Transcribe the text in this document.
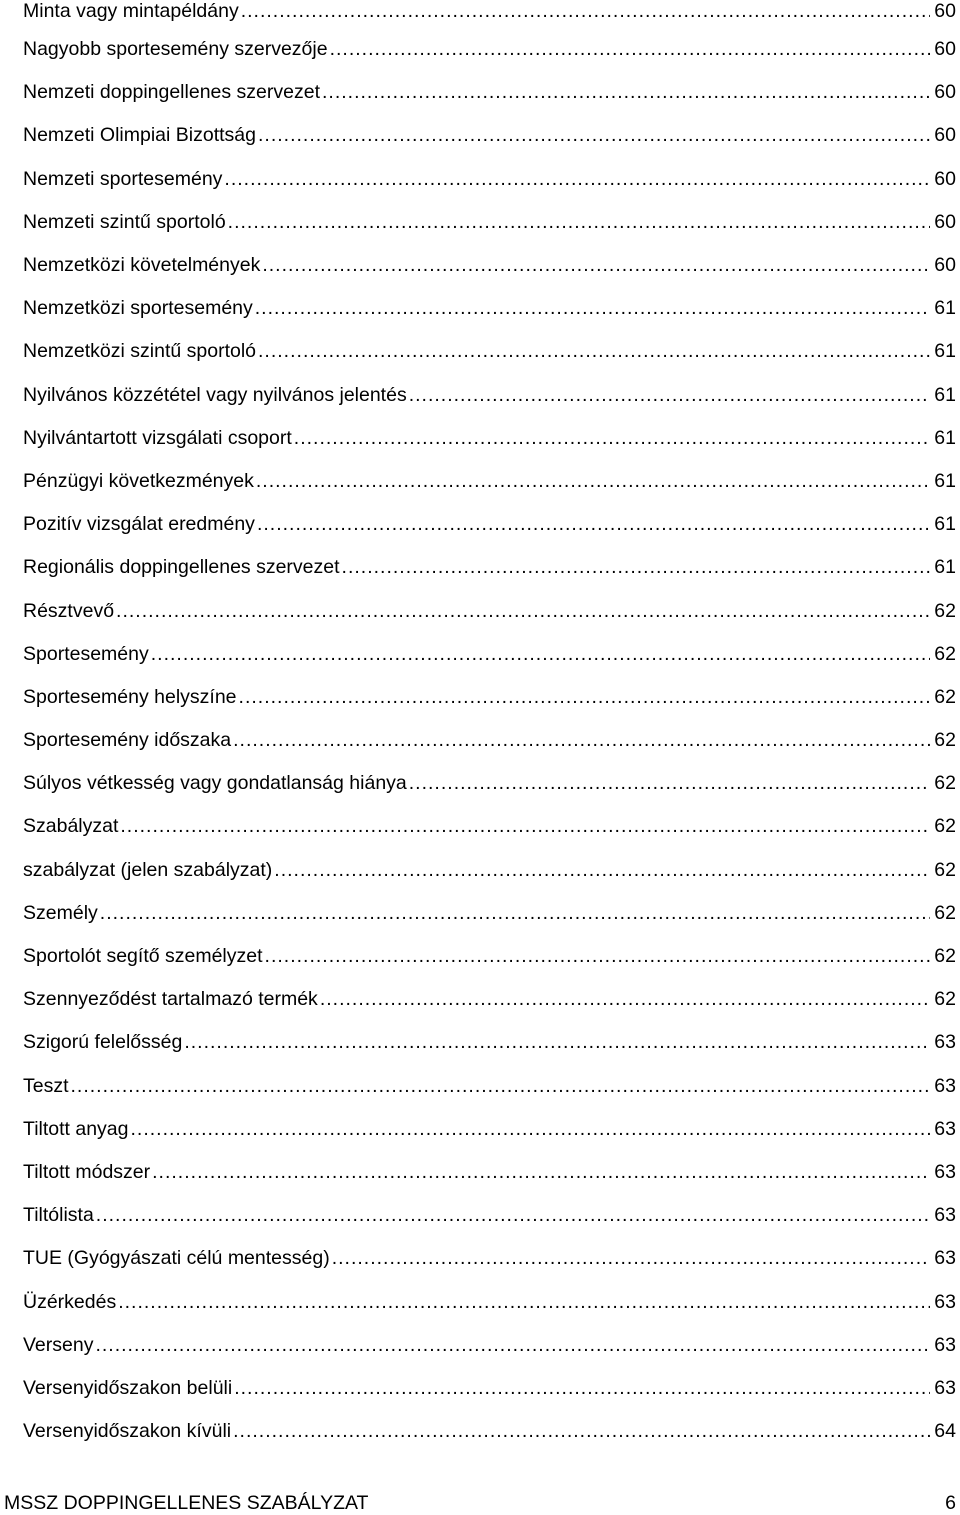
Minta vagy mintapéldány .....	60
Nagyobb sportesemény szervezője .....	60
Nemzeti doppingellenes szervezet .....	60
Nemzeti Olimpiai Bizottság .....	60
Nemzeti sportesemény .....	60
Nemzeti szintű sportoló .....	60
Nemzetközi követelmények .....	60
Nemzetközi sportesemény .....	61
Nemzetközi szintű sportoló .....	61
Nyilvános közzététel vagy nyilvános jelentés .....	61
Nyilvántartott vizsgálati csoport .....	61
Pénzügyi következmények .....	61
Pozitív vizsgálat eredmény .....	61
Regionális doppingellenes szervezet .....	61
Résztvevő .....	62
Sportesemény .....	62
Sportesemény helyszíne .....	62
Sportesemény időszaka .....	62
Súlyos vétkesség vagy gondatlanság hiánya .....	62
Szabályzat .....	62
szabályzat (jelen szabályzat) .....	62
Személy .....	62
Sportolót segítő személyzet .....	62
Szennyeződést tartalmazó termék .....	62
Szigorú felelősség .....	63
Teszt .....	63
Tiltott anyag .....	63
Tiltott módszer .....	63
Tiltólista .....	63
TUE (Gyógyászati célú mentesség) .....	63
Üzérkedés .....	63
Verseny .....	63
Versenyidőszakon belüli .....	63
Versenyidőszakon kívüli .....	64
MSSZ DOPPINGELLENES SZABÁLYZAT	6
